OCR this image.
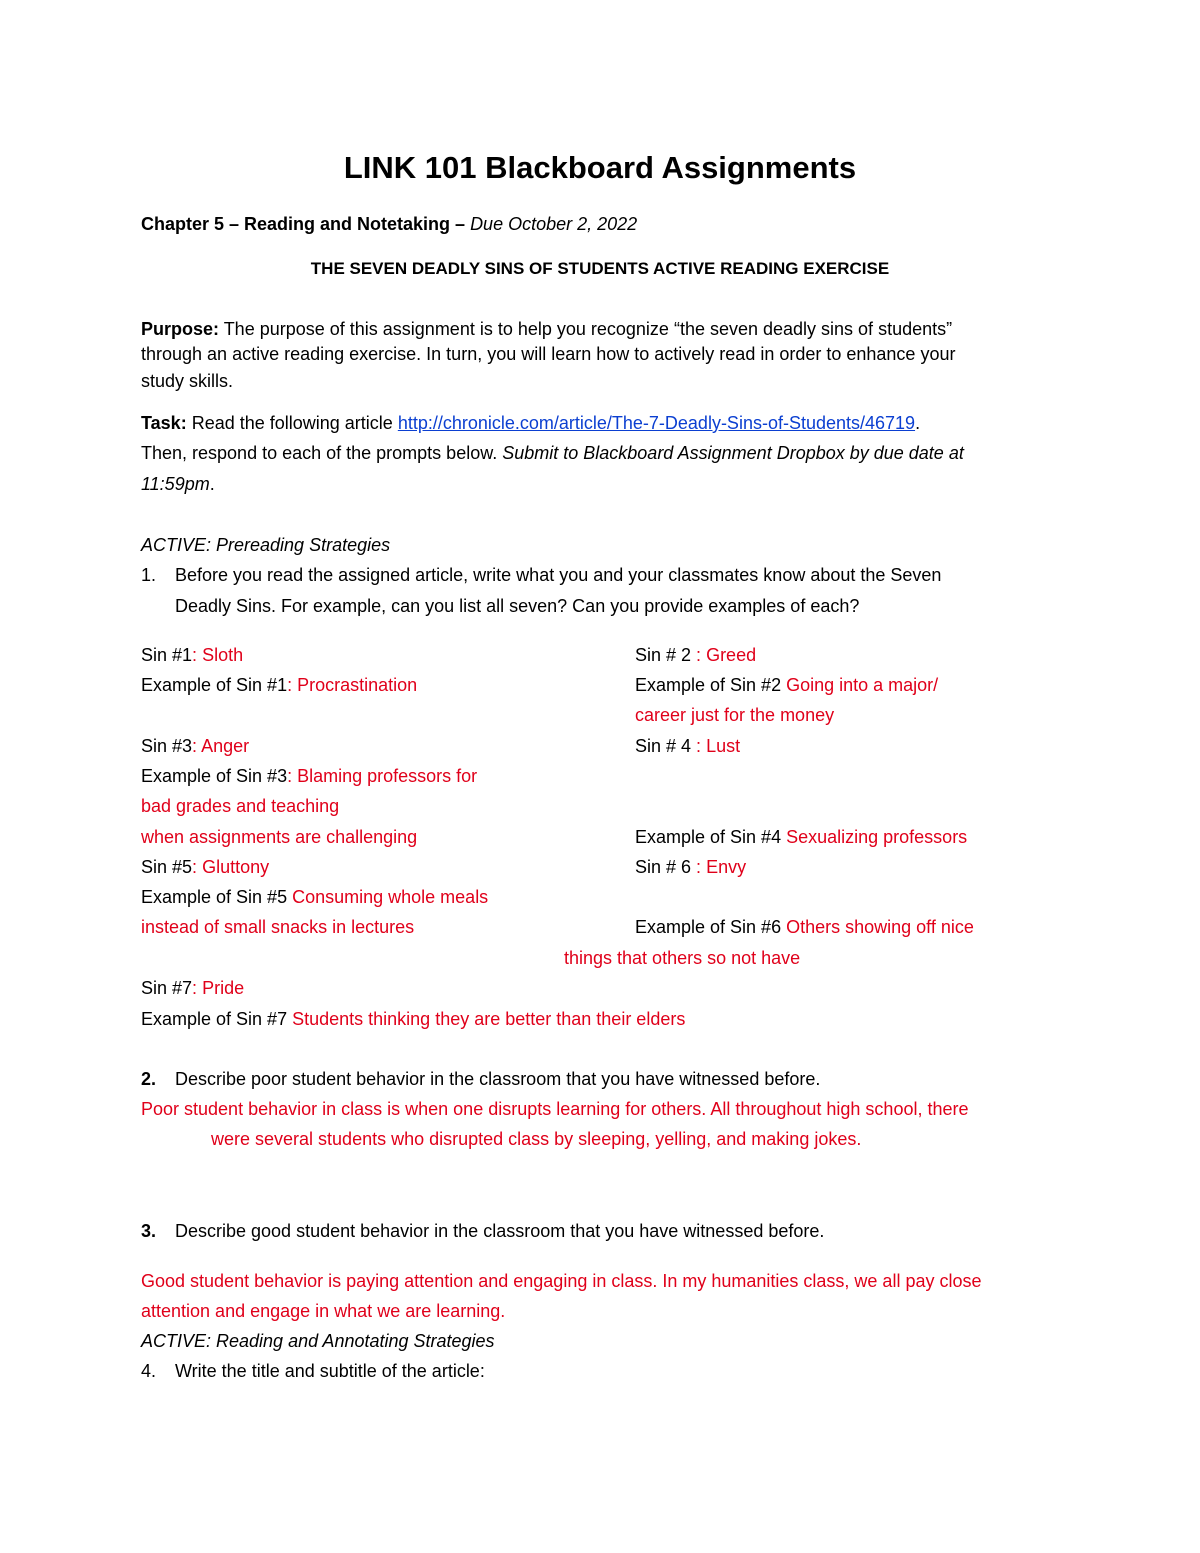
LINK 101 Blackboard Assignments
Chapter 5 – Reading and Notetaking – Due October 2, 2022
THE SEVEN DEADLY SINS OF STUDENTS ACTIVE READING EXERCISE
Purpose: The purpose of this assignment is to help you recognize “the seven deadly sins of students”
through an active reading exercise. In turn, you will learn how to actively read in order to enhance your
study skills.
Task: Read the following article http://chronicle.com/article/The-7-Deadly-Sins-of-Students/46719.
Then, respond to each of the prompts below. Submit to Blackboard Assignment Dropbox by due date at
11:59pm.
ACTIVE: Prereading Strategies
1. Before you read the assigned article, write what you and your classmates know about the Seven
Deadly Sins. For example, can you list all seven? Can you provide examples of each?
Sin #1: Sloth
Example of Sin #1: Procrastination
Sin #3: Anger
Example of Sin #3: Blaming professors for
bad grades and teaching
when assignments are challenging
Sin #5: Gluttony
Example of Sin #5 Consuming whole meals
instead of small snacks in lectures
Sin # 2 : Greed
Example of Sin #2 Going into a major/
career just for the money
Sin # 4 : Lust
Example of Sin #4 Sexualizing professors
Sin # 6 : Envy
Example of Sin #6 Others showing off nice
things that others so not have
Sin #7: Pride
Example of Sin #7 Students thinking they are better than their elders
2. Describe poor student behavior in the classroom that you have witnessed before.
Poor student behavior in class is when one disrupts learning for others. All throughout high school, there
were several students who disrupted class by sleeping, yelling, and making jokes.
3. Describe good student behavior in the classroom that you have witnessed before.
Good student behavior is paying attention and engaging in class. In my humanities class, we all pay close
attention and engage in what we are learning.
ACTIVE: Reading and Annotating Strategies
4. Write the title and subtitle of the article:
